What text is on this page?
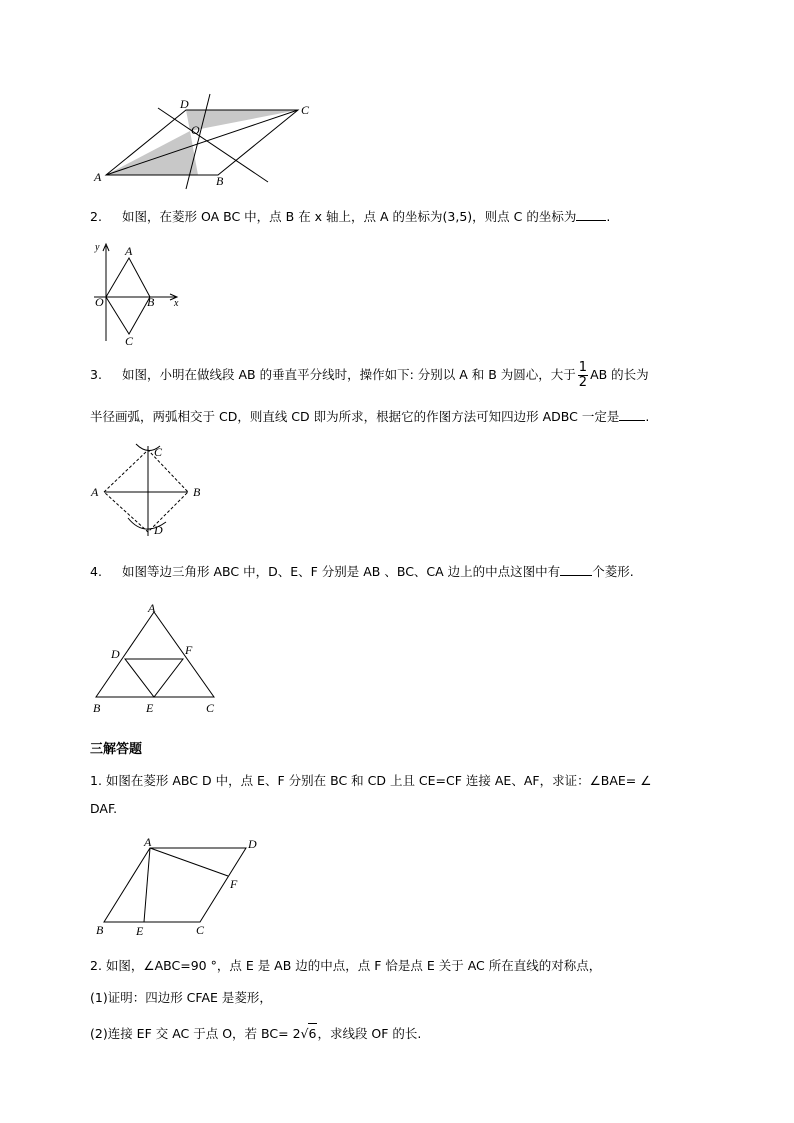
A	B
C
D
O
2. 如图，在菱形 OA BC 中，点 B 在 x 轴上，点 A 的坐标为(3,5)，则点 C 的坐标为 .
y
x
A
O	B
C
3. 如图，小明在做线段 AB 的垂直平分线时，操作如下: 分别以 A 和 B 为圆心，大于 $\frac{1}{2}$ AB 的长为
半径画弧，两弧相交于 CD，则直线 CD 即为所求，根据它的作图方法可知四边形 ADBC 一定是 .
A	B
C
D
4. 如图等边三角形 ABC 中，D、E、F 分别是 AB 、BC、CA 边上的中点这图中有	个菱形.
A
B	C
D
E
F
三解答题
1. 如图在菱形 ABC D 中，点 E、F 分别在 BC 和 CD 上且 CE=CF 连接 AE、AF，求证：∠BAE= ∠
DAF.
A
B	C
D
E
F
2. 如图，∠ABC=90 °，点 E 是 AB 边的中点，点 F 恰是点 E 关于 AC 所在直线的对称点，
(1)证明：四边形 CFAE 是菱形，
(2)连接 EF 交 AC 于点 O，若 BC= 2√6，求线段 OF 的长.
